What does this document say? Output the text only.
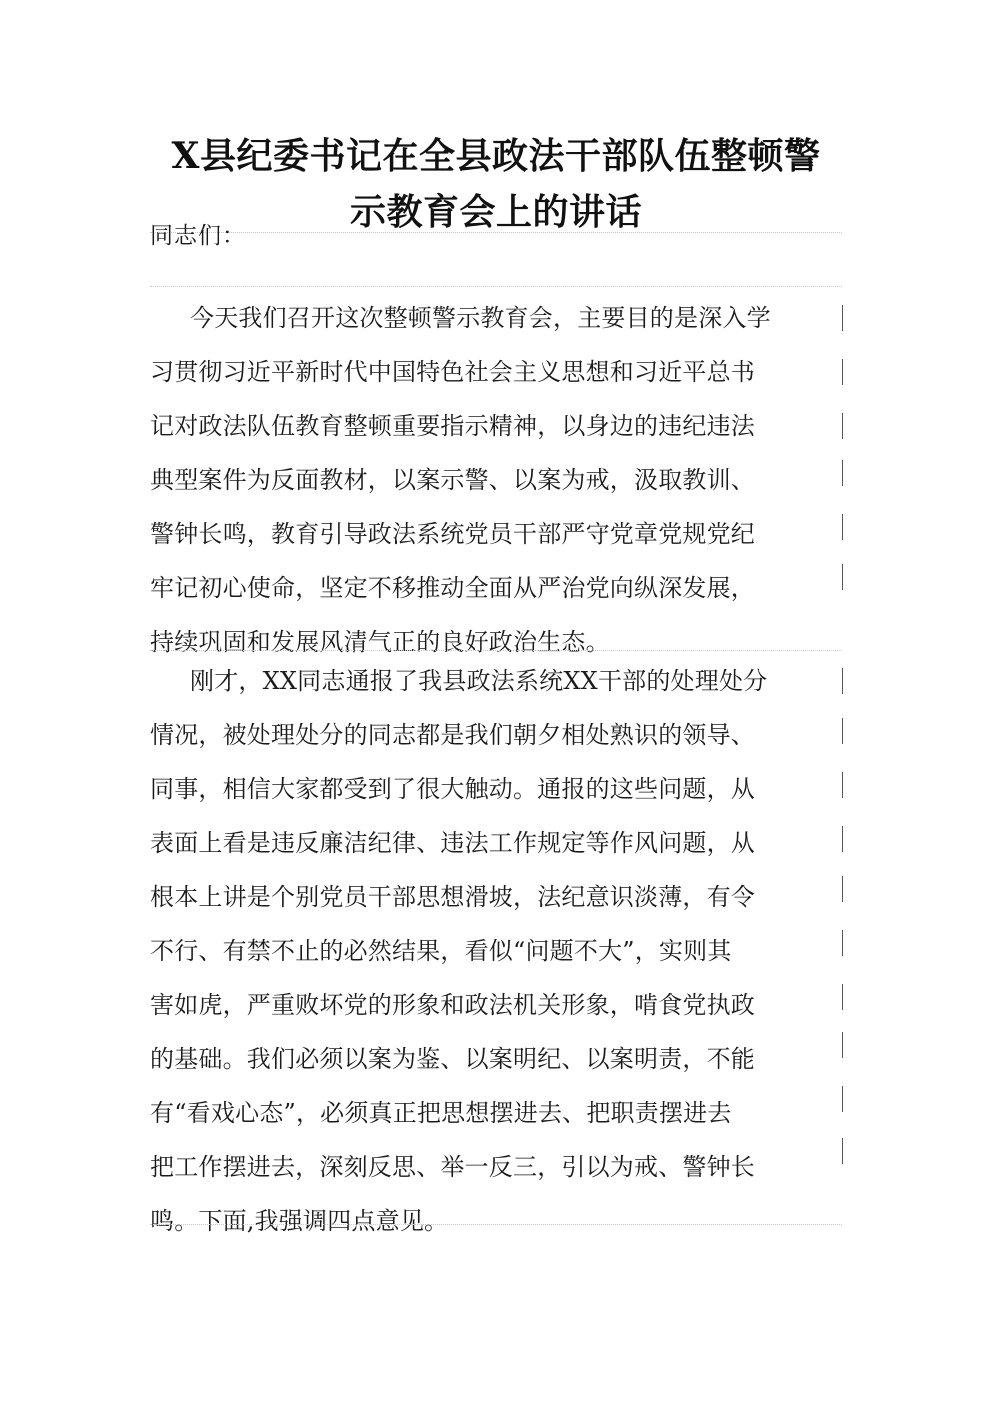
X县纪委书记在全县政法干部队伍整顿警
示教育会上的讲话
同志们：
今天我们召开这次整顿警示教育会，主要目的是深入学
习贯彻习近平新时代中国特色社会主义思想和习近平总书
记对政法队伍教育整顿重要指示精神，以身边的违纪违法
典型案件为反面教材，以案示警、以案为戒，汲取教训、
警钟长鸣，教育引导政法系统党员干部严守党章党规党纪
牢记初心使命，坚定不移推动全面从严治党向纵深发展，
持续巩固和发展风清气正的良好政治生态。
刚才，XX同志通报了我县政法系统XX干部的处理处分
情况，被处理处分的同志都是我们朝夕相处熟识的领导、
同事，相信大家都受到了很大触动。通报的这些问题，从
表面上看是违反廉洁纪律、违法工作规定等作风问题，从
根本上讲是个别党员干部思想滑坡，法纪意识淡薄，有令
不行、有禁不止的必然结果，看似“问题不大”，实则其
害如虎，严重败坏党的形象和政法机关形象，啃食党执政
的基础。我们必须以案为鉴、以案明纪、以案明责，不能
有“看戏心态”，必须真正把思想摆进去、把职责摆进去
把工作摆进去，深刻反思、举一反三，引以为戒、警钟长
鸣。下面,我强调四点意见。
